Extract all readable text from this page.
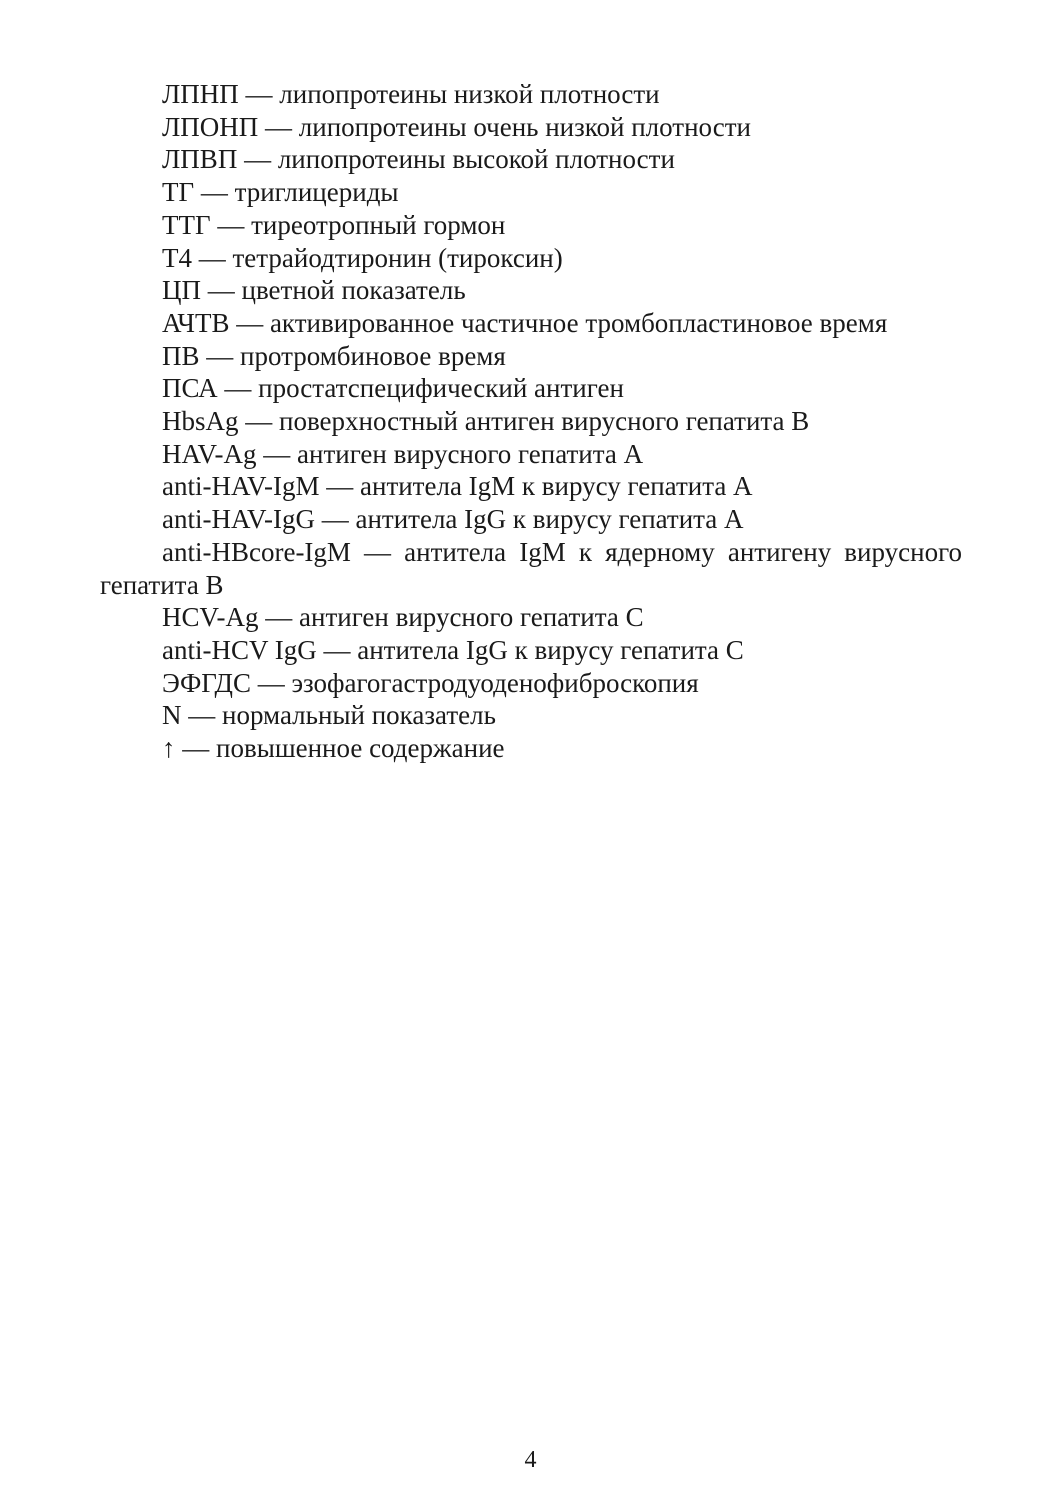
ЛПНП — липопротеины низкой плотности
ЛПОНП — липопротеины очень низкой плотности
ЛПВП — липопротеины высокой плотности
ТГ — триглицериды
ТТГ — тиреотропный гормон
Т4 — тетрайодтиронин (тироксин)
ЦП — цветной показатель
АЧТВ — активированное частичное тромбопластиновое время
ПВ — протромбиновое время
ПСА — простатспецифический антиген
HbsAg — поверхностный антиген вирусного гепатита В
HAV-Ag — антиген вирусного гепатита А
anti-HAV-IgM — антитела IgM к вирусу гепатита А
anti-HAV-IgG — антитела IgG к вирусу гепатита А
anti-HBcore-IgM — антитела IgM к ядерному антигену вирусного гепатита В
HCV-Ag — антиген вирусного гепатита С
anti-HCV IgG — антитела IgG к вирусу гепатита С
ЭФГДС — эзофагогастродуоденофиброскопия
N — нормальный показатель
↑ — повышенное содержание
4
